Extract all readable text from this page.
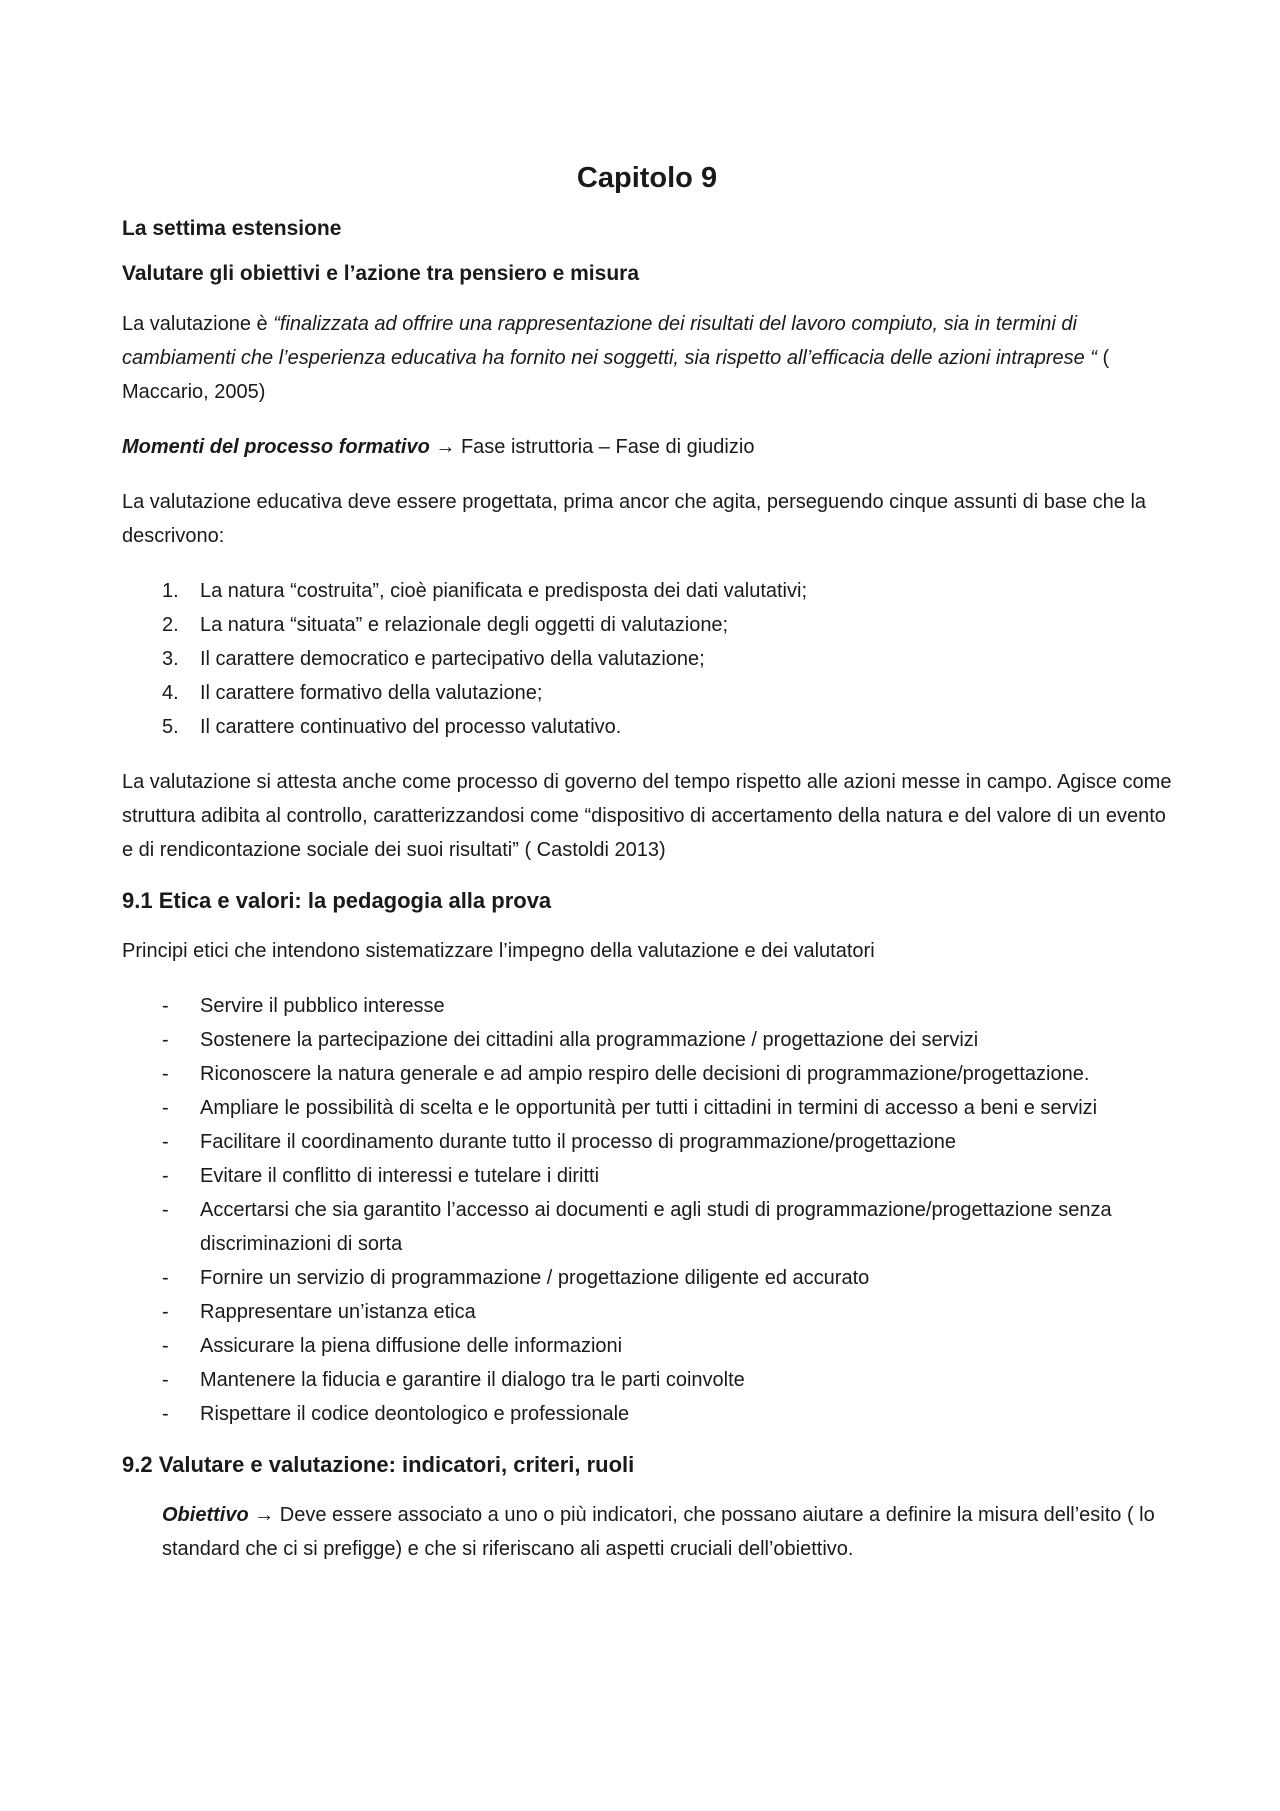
Capitolo 9
La settima estensione
Valutare gli obiettivi e l’azione tra pensiero e misura

La valutazione è “finalizzata ad offrire una rappresentazione dei risultati del lavoro compiuto, sia in termini di cambiamenti che l’esperienza educativa ha fornito nei soggetti, sia rispetto all’efficacia delle azioni intraprese “ ( Maccario, 2005)

Momenti del processo formativo → Fase istruttoria – Fase di giudizio

La valutazione educativa deve essere progettata, prima ancor che agita, perseguendo cinque assunti di base che la descrivono:

1. La natura “costruita”, cioè pianificata e predisposta dei dati valutativi;
2. La natura “situata” e relazionale degli oggetti di valutazione;
3. Il carattere democratico e partecipativo della valutazione;
4. Il carattere formativo della valutazione;
5. Il carattere continuativo del processo valutativo.

La valutazione si attesta anche come processo di governo del tempo rispetto alle azioni messe in campo. Agisce come struttura adibita al controllo, caratterizzandosi come “dispositivo di accertamento della natura e del valore di un evento e di rendicontazione sociale dei suoi risultati” ( Castoldi 2013)

9.1 Etica e valori: la pedagogia alla prova

Principi etici che intendono sistematizzare l’impegno della valutazione e dei valutatori

- Servire il pubblico interesse
- Sostenere la partecipazione dei cittadini alla programmazione / progettazione dei servizi
- Riconoscere la natura generale e ad ampio respiro delle decisioni di programmazione/progettazione.
- Ampliare le possibilità di scelta e le opportunità per tutti i cittadini in termini di accesso a beni e servizi
- Facilitare il coordinamento durante tutto il processo di programmazione/progettazione
- Evitare il conflitto di interessi e tutelare i diritti
- Accertarsi che sia garantito l’accesso ai documenti e agli studi di programmazione/progettazione senza discriminazioni di sorta
- Fornire un servizio di programmazione / progettazione diligente ed accurato
- Rappresentare un’istanza etica
- Assicurare la piena diffusione delle informazioni
- Mantenere la fiducia e garantire il dialogo tra le parti coinvolte
- Rispettare il codice deontologico e professionale
9.2 Valutare e valutazione: indicatori, criteri, ruoli

Obiettivo → Deve essere associato a uno o più indicatori, che possano aiutare a definire la misura dell’esito ( lo standard che ci si prefigge) e che si riferiscano ali aspetti cruciali dell’obiettivo.
